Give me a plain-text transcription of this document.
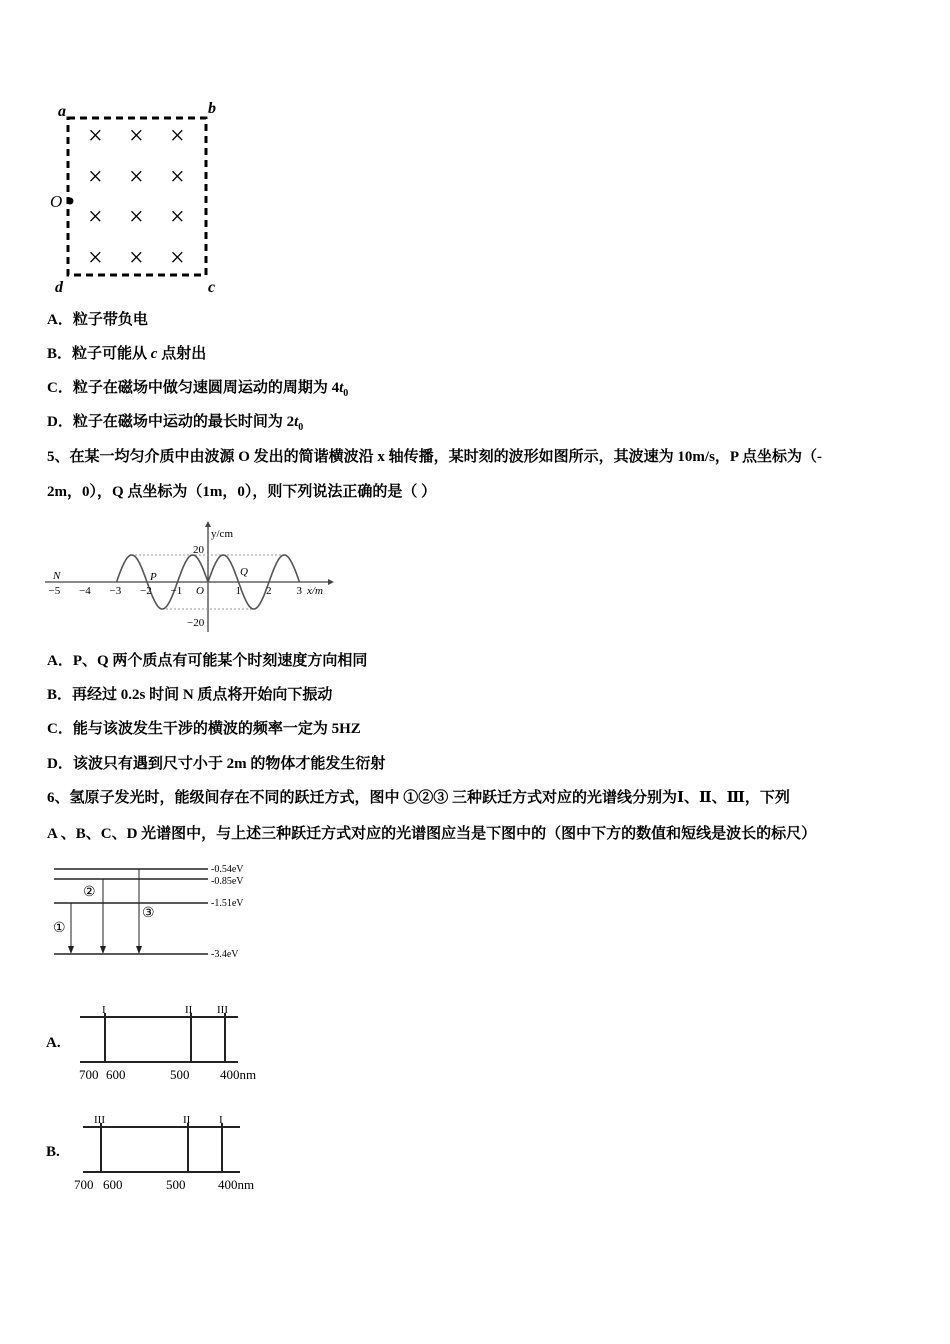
×
×
×
×
×
×
×
×
×
×
×
×
a	b
O
d	c
A．粒子带负电
B．粒子可能从 c 点射出
C．粒子在磁场中做匀速圆周运动的周期为 $4t_0$
D．粒子在磁场中运动的最长时间为 $2t_0$
5、在某一均匀介质中由波源 O 发出的简谐横波沿 x 轴传播，某时刻的波形如图所示，其波速为 10m/s，P 点坐标为（-
2m，0），Q 点坐标为（1m，0），则下列说法正确的是（ ）
y/cm
x/m
20
−20
−5 −4 −3 −2 −1	1 2 3
O
N	P	Q
A．P、Q 两个质点有可能某个时刻速度方向相同
B．再经过 0.2s 时间 N 质点将开始向下振动
C．能与该波发生干涉的横波的频率一定为 5HZ
D．该波只有遇到尺寸小于 2m 的物体才能发生衍射
6、氢原子发光时，能级间存在不同的跃迁方式，图中 ①②③ 三种跃迁方式对应的光谱线分别为Ⅰ、Ⅱ、Ⅲ，下列
A 、B、C、D 光谱图中，与上述三种跃迁方式对应的光谱图应当是下图中的（图中下方的数值和短线是波长的标尺）
-0.54eV
-0.85eV
-1.51eV
-3.4eV
①
②
③
A.
I	II III
700 600	500 400nm
B.
III	II	I
700 600	500	400nm
